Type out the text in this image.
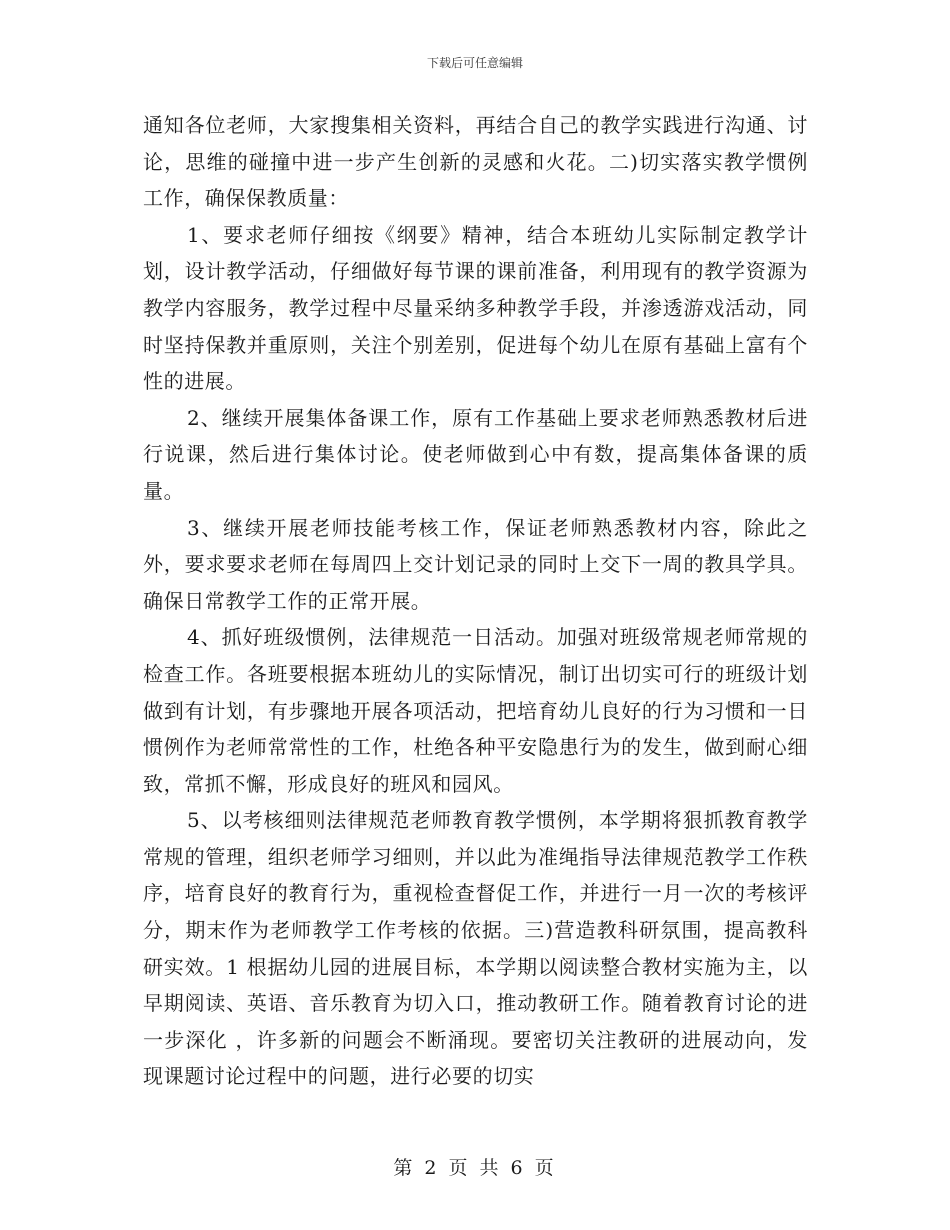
下载后可任意编辑

通知各位老师，大家搜集相关资料，再结合自己的教学实践进行沟通、讨论，思维的碰撞中进一步产生创新的灵感和火花。二)切实落实教学惯例工作，确保保教质量：

1、要求老师仔细按《纲要》精神，结合本班幼儿实际制定教学计划，设计教学活动，仔细做好每节课的课前准备，利用现有的教学资源为教学内容服务，教学过程中尽量采纳多种教学手段，并渗透游戏活动，同时坚持保教并重原则，关注个别差别，促进每个幼儿在原有基础上富有个性的进展。

2、继续开展集体备课工作，原有工作基础上要求老师熟悉教材后进行说课，然后进行集体讨论。使老师做到心中有数，提高集体备课的质量。

3、继续开展老师技能考核工作，保证老师熟悉教材内容，除此之外，要求要求老师在每周四上交计划记录的同时上交下一周的教具学具。确保日常教学工作的正常开展。

4、抓好班级惯例，法律规范一日活动。加强对班级常规老师常规的检查工作。各班要根据本班幼儿的实际情况，制订出切实可行的班级计划 做到有计划，有步骤地开展各项活动，把培育幼儿良好的行为习惯和一日惯例作为老师常常性的工作，杜绝各种平安隐患行为的发生，做到耐心细致，常抓不懈，形成良好的班风和园风。

5、以考核细则法律规范老师教育教学惯例，本学期将狠抓教育教学常规的管理，组织老师学习细则，并以此为准绳指导法律规范教学工作秩序，培育良好的教育行为，重视检查督促工作，并进行一月一次的考核评分，期末作为老师教学工作考核的依据。三)营造教科研氛围，提高教科研实效。1 根据幼儿园的进展目标，本学期以阅读整合教材实施为主，以早期阅读、英语、音乐教育为切入口，推动教研工作。随着教育讨论的进一步深化 ，许多新的问题会不断涌现。要密切关注教研的进展动向，发现课题讨论过程中的问题，进行必要的切实

第 2 页 共 6 页
